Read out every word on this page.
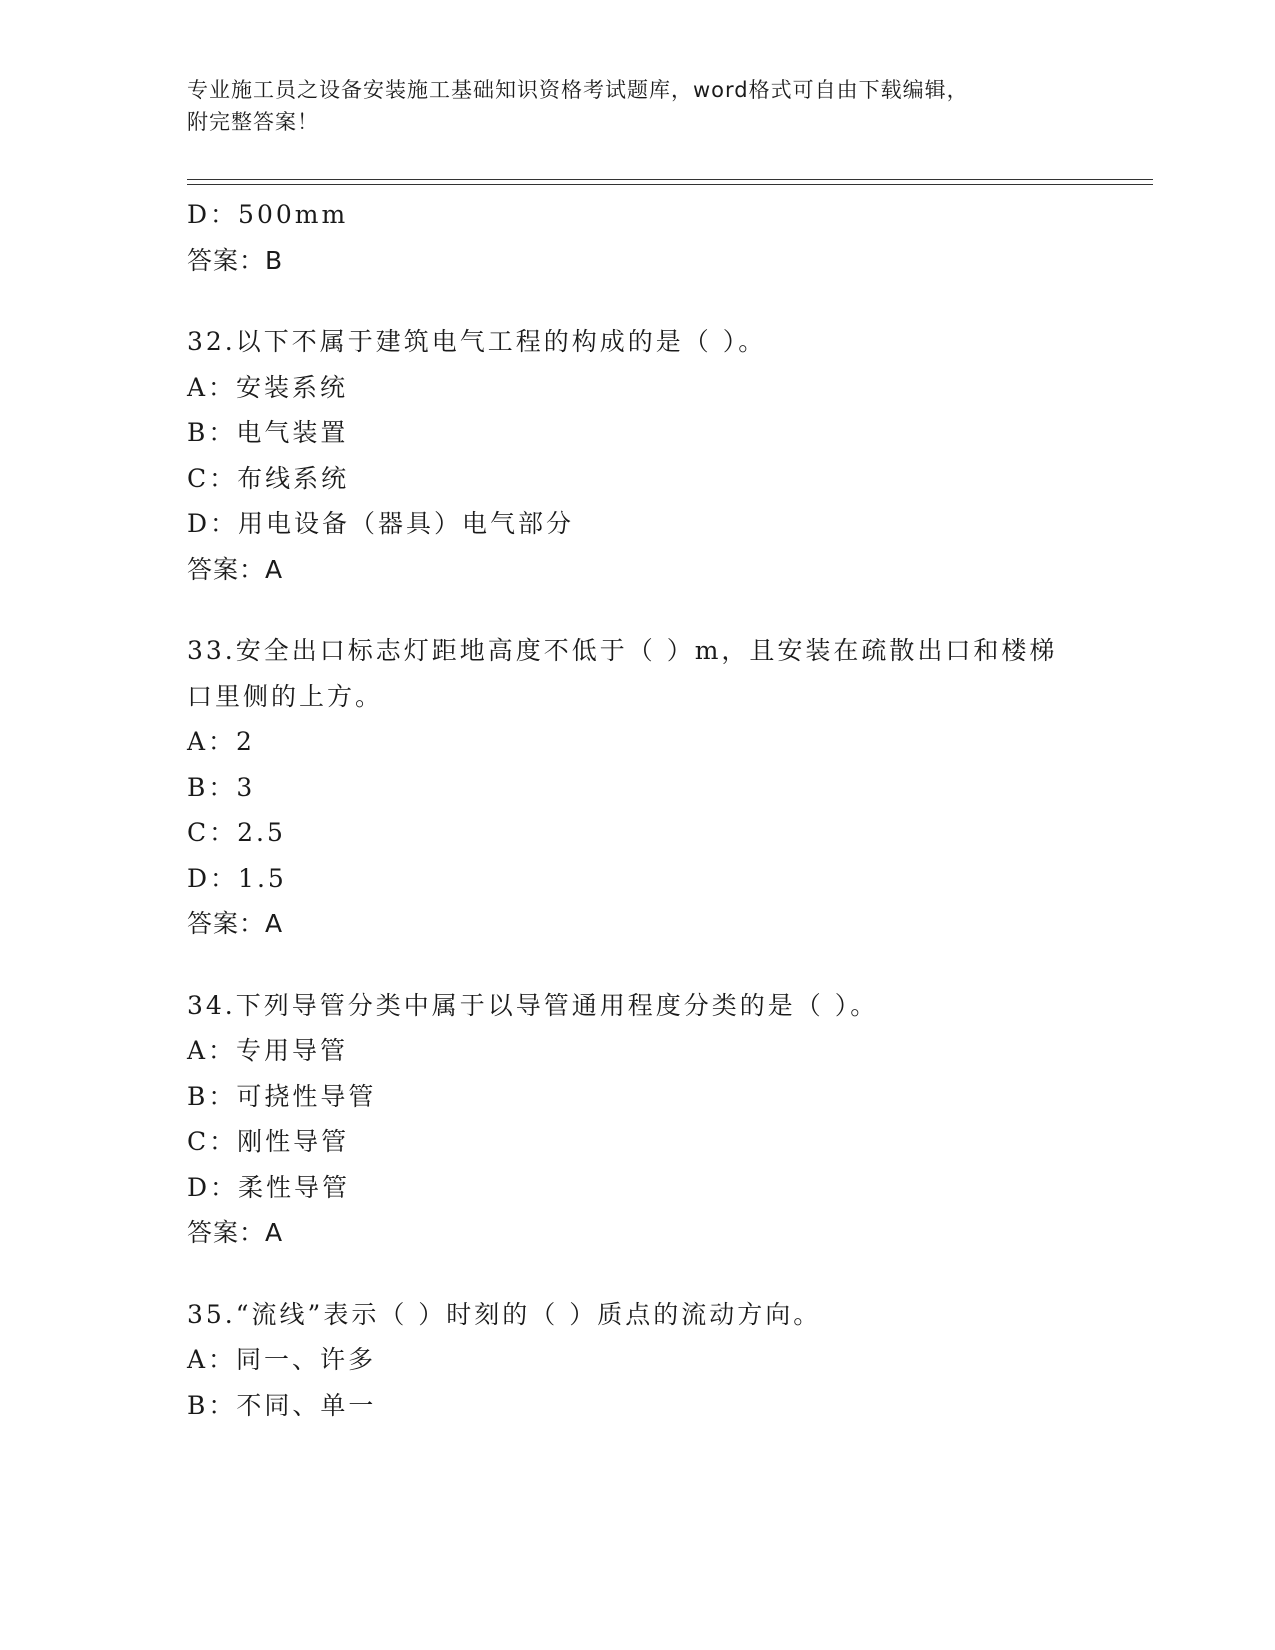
专业施工员之设备安装施工基础知识资格考试题库，word格式可自由下载编辑，
附完整答案！
D：500mm
答案：B
32.以下不属于建筑电气工程的构成的是（ ）。
A：安装系统
B：电气装置
C：布线系统
D：用电设备（器具）电气部分
答案：A
33.安全出口标志灯距地高度不低于（ ）m，且安装在疏散出口和楼梯
口里侧的上方。
A：2
B：3
C：2.5
D：1.5
答案：A
34.下列导管分类中属于以导管通用程度分类的是（ ）。
A：专用导管
B：可挠性导管
C：刚性导管
D：柔性导管
答案：A
35.“流线”表示（ ）时刻的（ ）质点的流动方向。
A：同一、许多
B：不同、单一
